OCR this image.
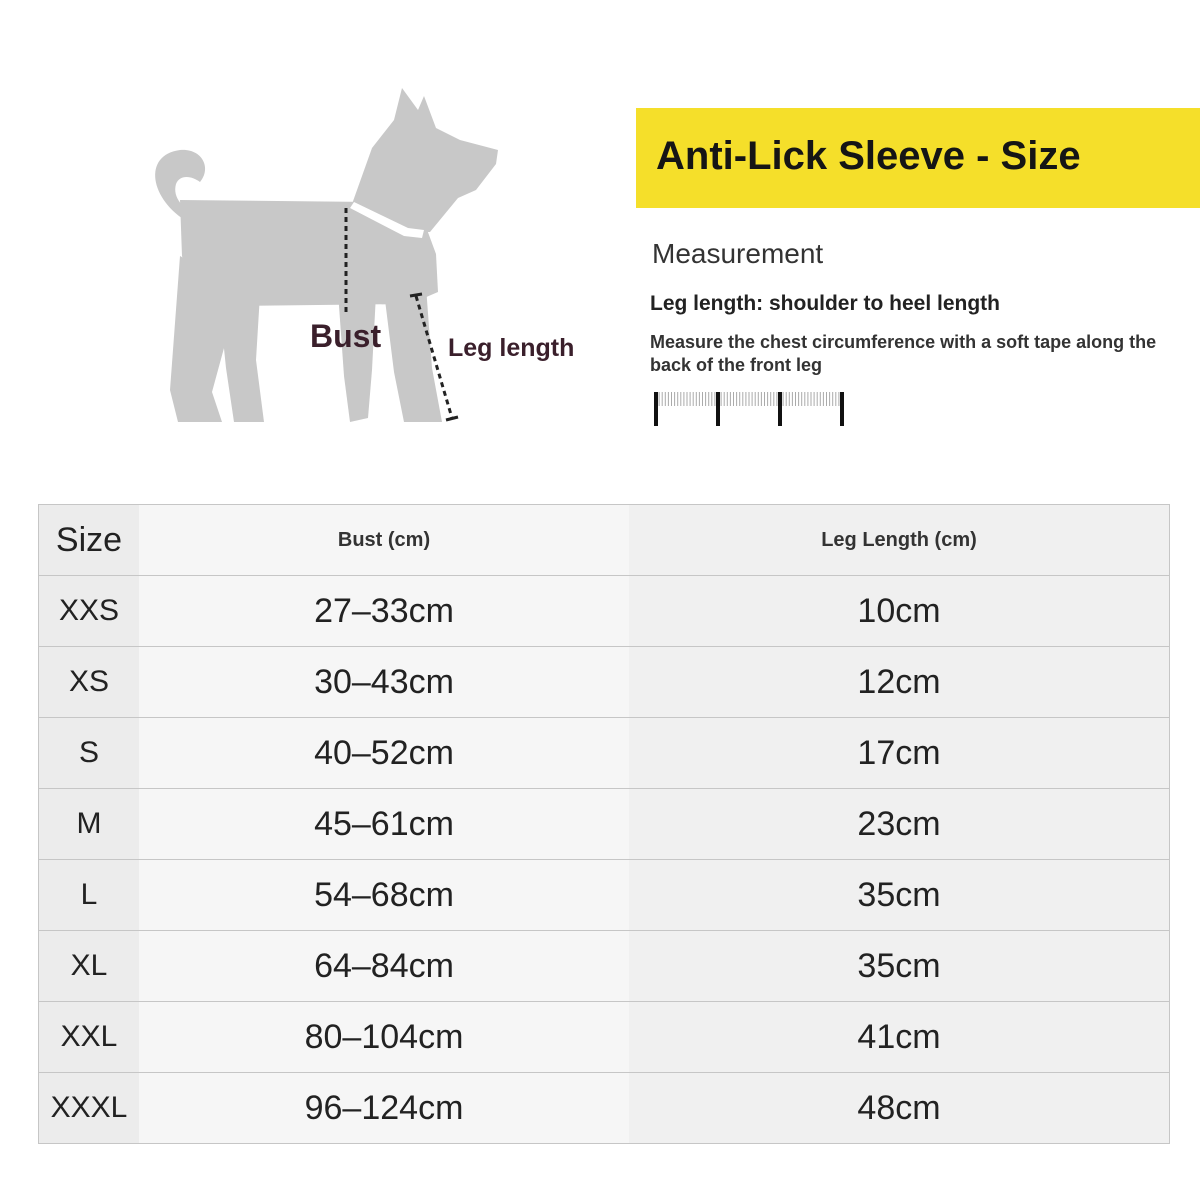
Bust	Leg length
Anti-Lick Sleeve - Size
Measurement
Leg length: shoulder to heel length
Measure the chest circumference with a soft tape along the back of the front leg
Size	Bust (cm)	Leg Length (cm)
XXS	27–33cm	10cm
XS	30–43cm	12cm
S	40–52cm	17cm
M	45–61cm	23cm
L	54–68cm	35cm
XL	64–84cm	35cm
XXL	80–104cm	41cm
XXXL	96–124cm	48cm
